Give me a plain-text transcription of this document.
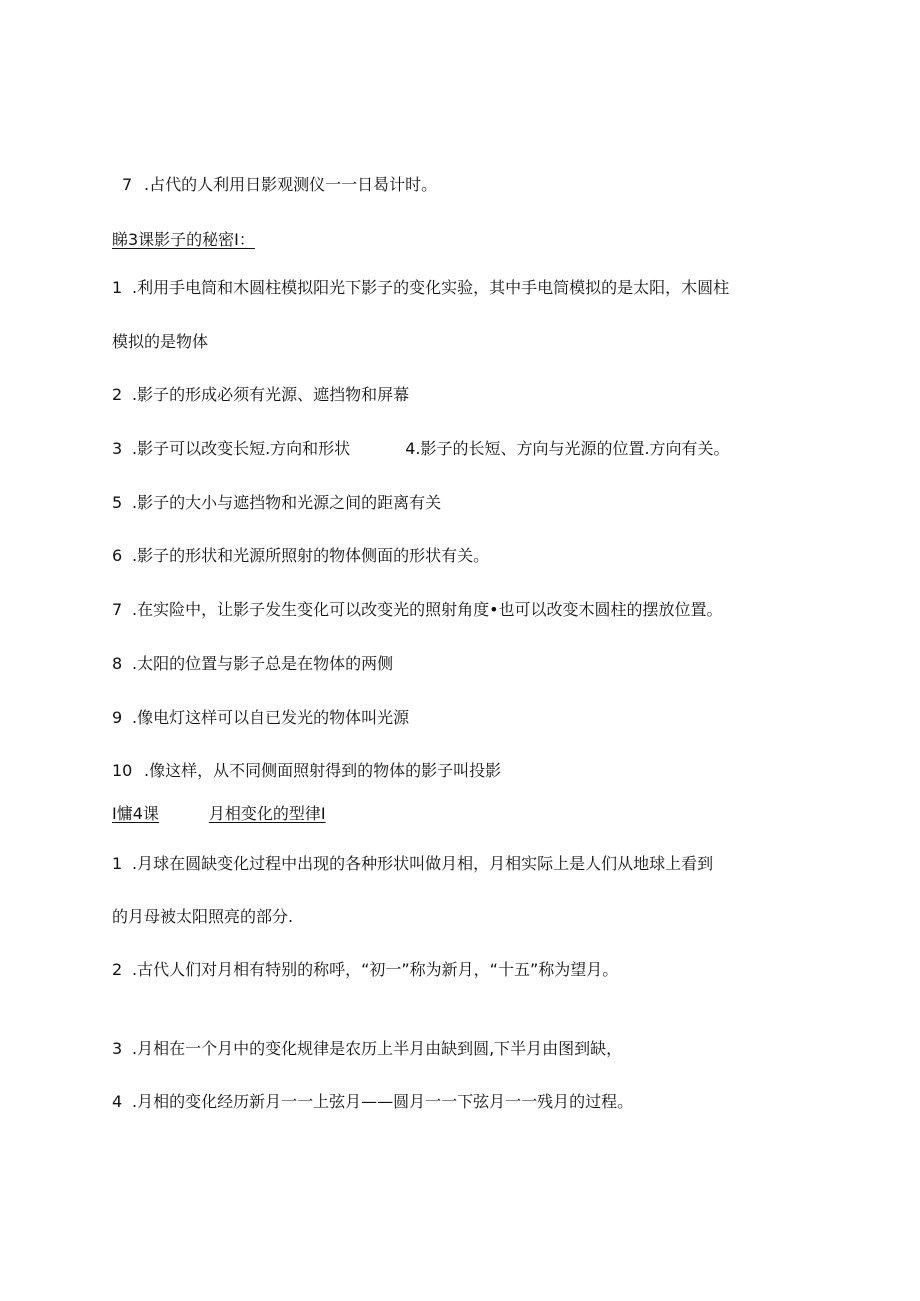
7 .占代的人利用日影观测仪一一日曷计时。
睇3课影子的秘密I：
1 .利用手电筒和木圆柱模拟阳光下影子的变化实验，其中手电筒模拟的是太阳，木圆柱
模拟的是物体
2 .影子的形成必须有光源、遮挡物和屏幕
3 .影子可以改变长短.方向和形状	4.影子的长短、方向与光源的位置.方向有关。
5 .影子的大小与遮挡物和光源之间的距离有关
6 .影子的形状和光源所照射的物体侧面的形状有关。
7 .在实险中，让影子发生变化可以改变光的照射角度•也可以改变木圆柱的摆放位置。
8 .太阳的位置与影子总是在物体的两侧
9 .像电灯这样可以自已发光的物体叫光源
10 .像这样，从不同侧面照射得到的物体的影子叫投影
I慵4课	月相变化的型律I
1 .月球在圆缺变化过程中出现的各种形状叫做月相，月相实际上是人们从地球上看到
的月母被太阳照亮的部分.
2 .古代人们对月相有特别的称呼，“初一”称为新月，“十五”称为望月。
3 .月相在一个月中的变化规律是农历上半月由缺到圆,下半月由图到缺，
4 .月相的变化经历新月一一上弦月——圆月一一下弦月一一残月的过程。
